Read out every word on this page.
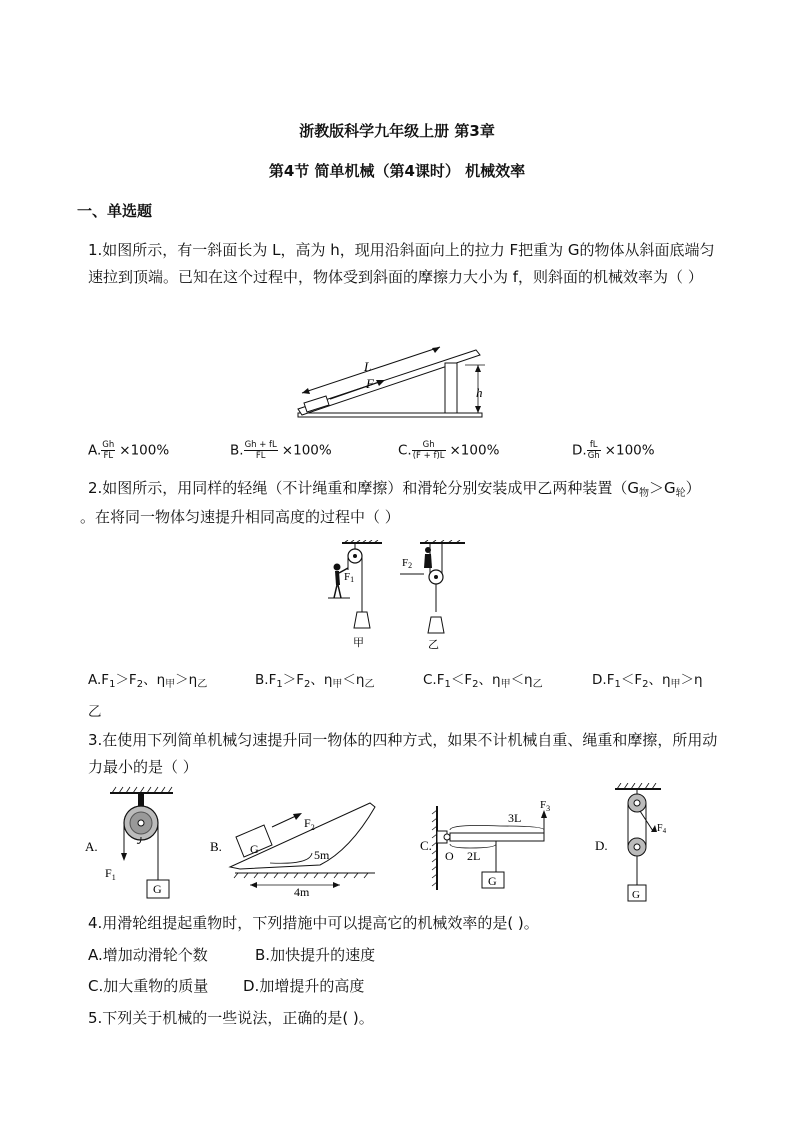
浙教版科学九年级上册 第3章
第4节 简单机械（第4课时） 机械效率
一、单选题
1.如图所示，有一斜面长为 L，高为 h，现用沿斜面向上的拉力 F把重为 G的物体从斜面底端匀速拉到顶端。已知在这个过程中，物体受到斜面的摩擦力大小为 f，则斜面的机械效率为（ ）
L
F
h
A. $\frac{Gh}{FL} \times 100\%$	B. $\frac{Gh + fL}{FL} \times 100\%$	C. $\frac{Gh}{(F + f)L} \times 100\%$	D. $\frac{fL}{Gh} \times 100\%$
2.如图所示，用同样的轻绳（不计绳重和摩擦）和滑轮分别安装成甲乙两种装置$(G_物>G_轮)$
。在将同一物体匀速提升相同高度的过程中（ ）
F1
F2
甲	乙
$A.F_1>F_2$、$\eta_甲>\eta_乙$	$B.F_1>F_2$、$\eta_甲<\eta_乙$	$C.F_1<F_2$、$\eta_甲<\eta_乙$	$D.F_1<F_2$、$\eta_甲>\eta$
乙
3.在使用下列简单机械匀速提升同一物体的四种方式，如果不计机械自重、绳重和摩擦，所用动力最小的是（ ）
A.
$F_1$
G
B. G
$F_2$
5m
4m
C.
O
3L
2L
$F_3$
G
D.
$F_4$
G
4.用滑轮组提起重物时，下列措施中可以提高它的机械效率的是( )。
A.增加动滑轮个数	B.加快提升的速度
C.加大重物的质量 D.加增提升的高度
5.下列关于机械的一些说法，正确的是( )。
